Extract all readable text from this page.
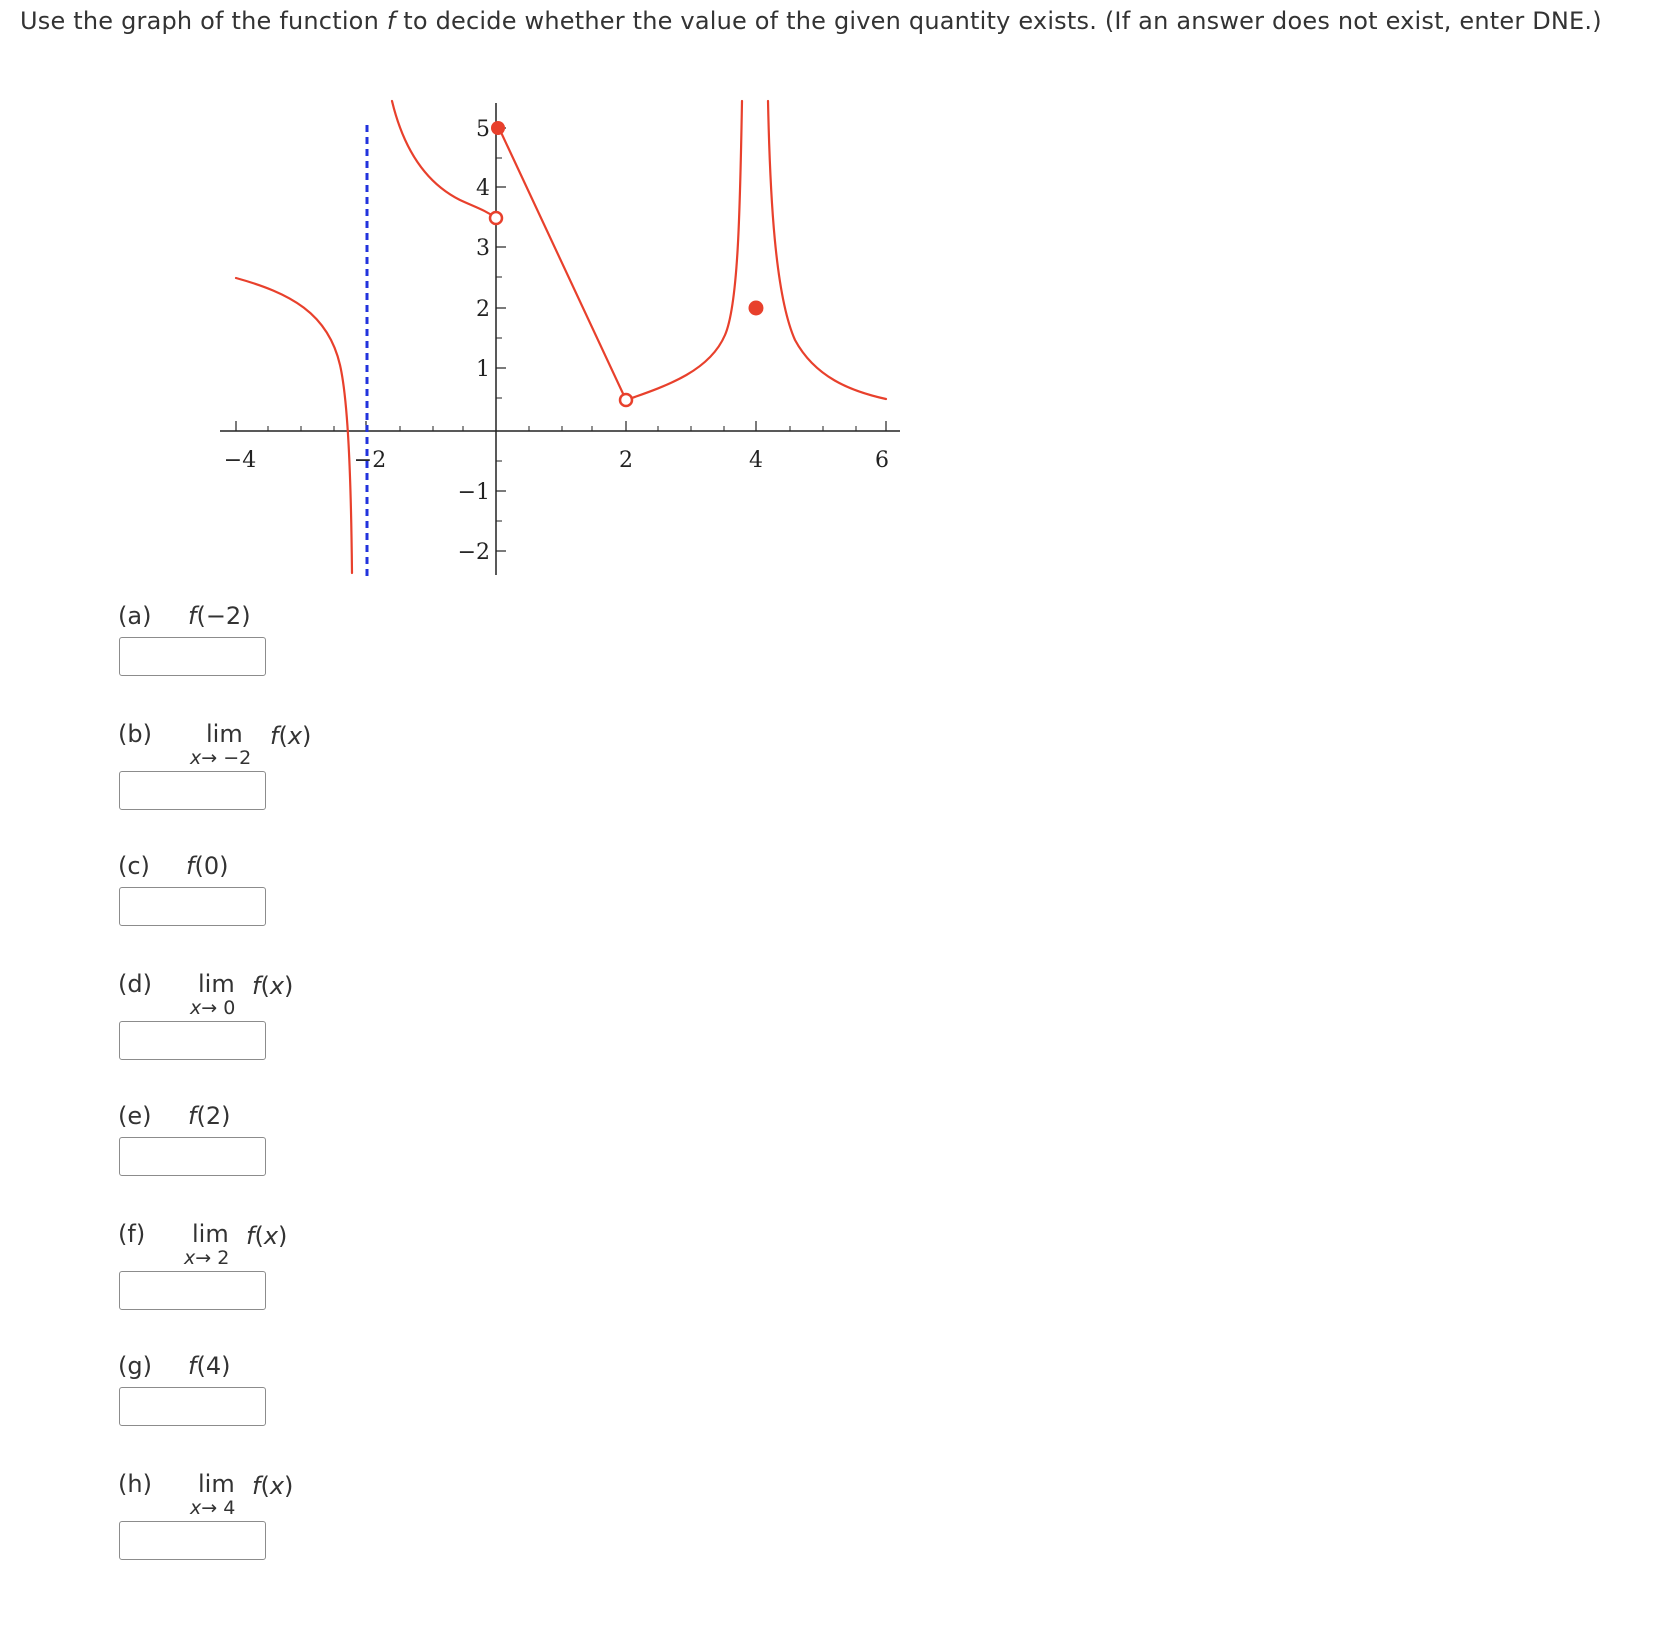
Use the graph of the function f to decide whether the value of the given quantity exists. (If an answer does not exist, enter DNE.)
−4	−2	2	4	6
5
4
3
2
1
−1
−2
(a) f(−2)
(b) lim
x→ −2
f(x)
(c) f(0)
(d) lim
x→ 0
f(x)
(e) f(2)
(f) lim
x→ 2
f(x)
(g) f(4)
(h) lim
x→ 4
f(x)
